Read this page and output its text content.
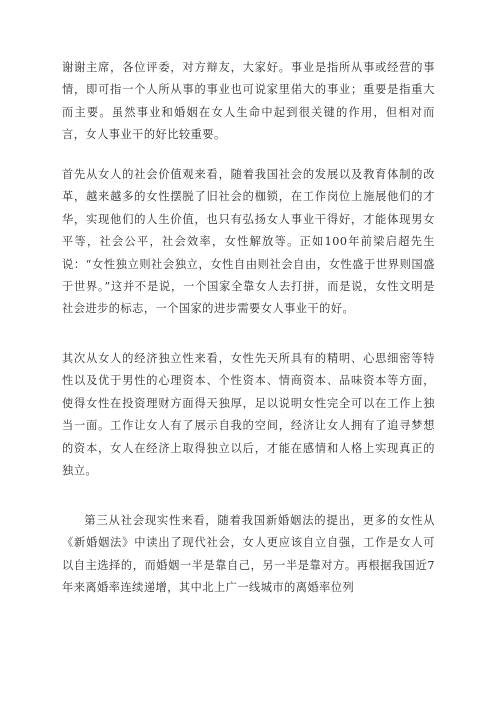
谢谢主席，各位评委，对方辩友，大家好。事业是指所从事或经营的事情，即可指一个人所从事的事业也可说家里偌大的事业；重要是指重大而主要。虽然事业和婚姻在女人生命中起到很关键的作用，但相对而言，女人事业干的好比较重要。

首先从女人的社会价值观来看，随着我国社会的发展以及教育体制的改革，越来越多的女性摆脱了旧社会的枷锁，在工作岗位上施展他们的才华，实现他们的人生价值，也只有弘扬女人事业干得好，才能体现男女平等，社会公平，社会效率，女性解放等。正如100年前梁启超先生说：“女性独立则社会独立，女性自由则社会自由，女性盛于世界则国盛于世界。”这并不是说，一个国家全靠女人去打拼，而是说，女性文明是社会进步的标志，一个国家的进步需要女人事业干的好。

其次从女人的经济独立性来看，女性先天所具有的精明、心思细密等特性以及优于男性的心理资本、个性资本、情商资本、品味资本等方面，使得女性在投资理财方面得天独厚，足以说明女性完全可以在工作上独当一面。工作让女人有了展示自我的空间，经济让女人拥有了追寻梦想的资本，女人在经济上取得独立以后，才能在感情和人格上实现真正的独立。

第三从社会现实性来看，随着我国新婚姻法的提出，更多的女性从《新婚姻法》中读出了现代社会，女人更应该自立自强，工作是女人可以自主选择的，而婚姻一半是靠自己，另一半是靠对方。再根据我国近7年来离婚率连续递增，其中北上广一线城市的离婚率位列
